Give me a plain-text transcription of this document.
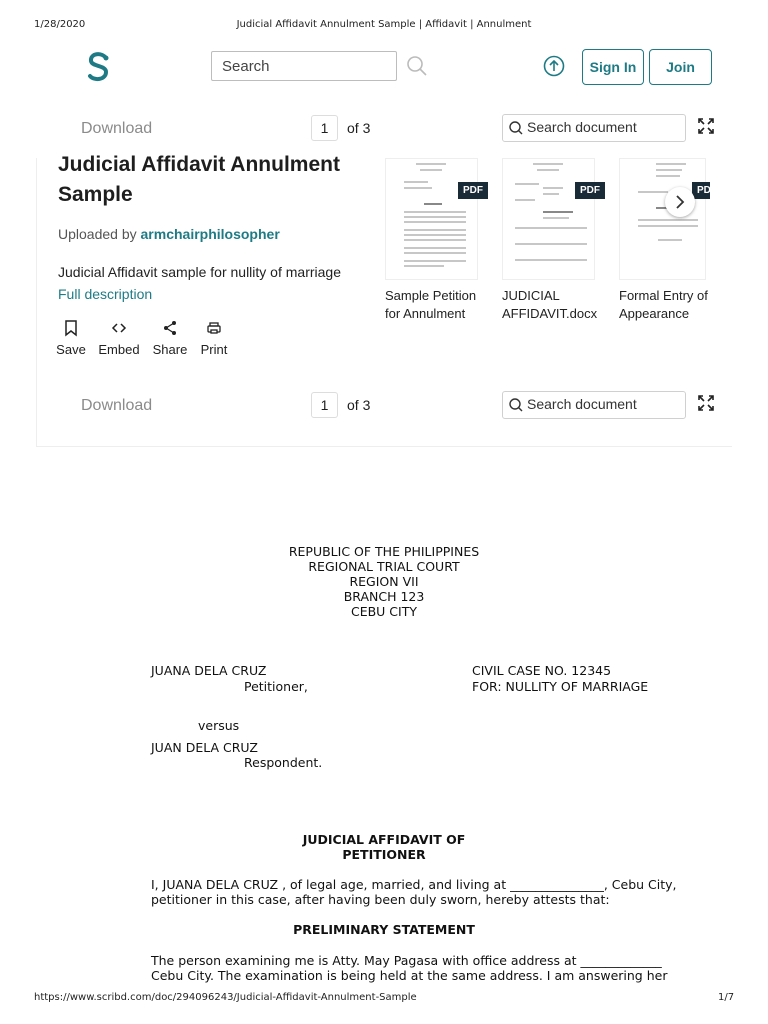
1/28/2020	Judicial Affidavit Annulment Sample | Affidavit | Annulment
Search	Sign In	Join
Download	1	of 3	Search document
Judicial Affidavit Annulment
Sample
Uploaded by armchairphilosopher
Judicial Affidavit sample for nullity of marriage Full description
Save Embed Share Print
PDF
Sample Petition
for Annulment
PDF
JUDICIAL
AFFIDAVIT.docx
PDF
Formal Entry of
Appearance
Download	1	of 3	Search document
REPUBLIC OF THE PHILIPPINES
REGIONAL TRIAL COURT
REGION VII
BRANCH 123
CEBU CITY
JUANA DELA CRUZ
Petitioner,
CIVIL CASE NO. 12345
FOR: NULLITY OF MARRIAGE
versus
JUAN DELA CRUZ
Respondent.
JUDICIAL AFFIDAVIT OF
PETITIONER
I, JUANA DELA CRUZ , of legal age, married, and living at _______________, Cebu City,
petitioner in this case, after having been duly sworn, hereby attests that:
PRELIMINARY STATEMENT
The person examining me is Atty. May Pagasa with office address at _____________
Cebu City. The examination is being held at the same address. I am answering her
https://www.scribd.com/doc/294096243/Judicial-Affidavit-Annulment-Sample	1/7
